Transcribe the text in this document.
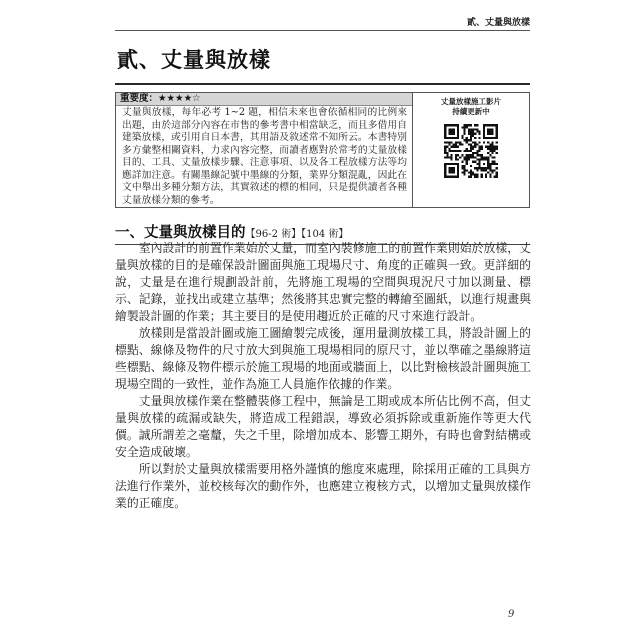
貳、丈量與放樣
貳、丈量與放樣
重要度：★★★★☆
丈量與放樣，每年必考 1~2 題，相信未來也會依循相同的比例來出題，由於這部分內容在市售的參考書中相當缺乏，而且多借用自建築放樣，或引用自日本書，其用語及敘述常不知所云。本書特別多方彙整相關資料，力求內容完整，而讀者應對於常考的丈量放樣目的、工具、丈量放樣步驟、注意事項、以及各工程放樣方法等均應詳加注意。有關墨線記號中墨線的分類，業界分類混亂，因此在文中舉出多種分類方法，其實敘述的標的相同，只是提供讀者各種丈量放樣分類的參考。
丈量放樣施工影片
持續更新中
一、丈量與放樣目的【96-2 術】【104 術】

室內設計的前置作業始於丈量，而室內裝修施工的前置作業則始於放樣，丈量與放樣的目的是確保設計圖面與施工現場尺寸、角度的正確與一致。更詳細的說，丈量是在進行規劃設計前，先將施工現場的空間與現況尺寸加以測量、標示、記錄，並找出或建立基準；然後將其忠實完整的轉繪至圖紙，以進行規畫與繪製設計圖的作業；其主要目的是使用趨近於正確的尺寸來進行設計。

放樣則是當設計圖或施工圖繪製完成後，運用量測放樣工具，將設計圖上的標點、線條及物件的尺寸放大到與施工現場相同的原尺寸，並以準確之墨線將這些標點、線條及物件標示於施工現場的地面或牆面上，以比對檢核設計圖與施工現場空間的一致性，並作為施工人員施作依據的作業。

丈量與放樣作業在整體裝修工程中，無論是工期或成本所佔比例不高，但丈量與放樣的疏漏或缺失，將造成工程錯誤，導致必須拆除或重新施作等更大代價。誠所謂差之毫釐，失之千里，除增加成本、影響工期外，有時也會對結構或安全造成破壞。

所以對於丈量與放樣需要用格外謹慎的態度來處理，除採用正確的工具與方法進行作業外，並校核每次的動作外，也應建立複核方式，以增加丈量與放樣作業的正確度。

9
